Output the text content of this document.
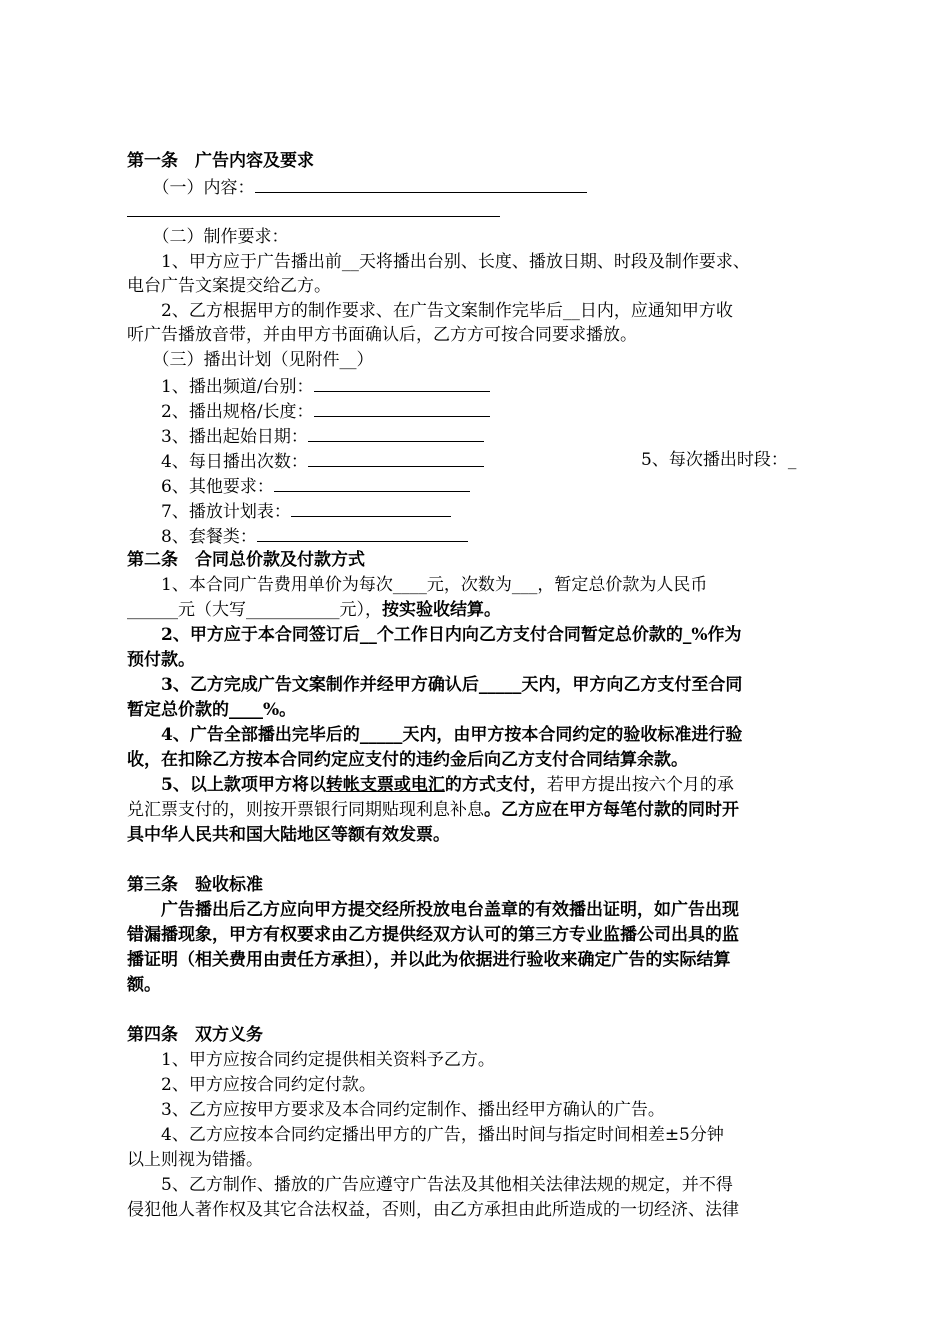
第一条　广告内容及要求
　　（一）内容：
　　（二）制作要求：
　　1、甲方应于广告播出前__天将播出台别、长度、播放日期、时段及制作要求、
电台广告文案提交给乙方。
　　2、乙方根据甲方的制作要求、在广告文案制作完毕后__日内，应通知甲方收
听广告播放音带，并由甲方书面确认后，乙方方可按合同要求播放。
　　（三）播出计划（见附件__）
　　1、播出频道/台别：
　　2、播出规格/长度：
　　3、播出起始日期：
　　4、每日播出次数：	5、每次播出时段：_
　　6、其他要求：
　　7、播放计划表：
　　8、套餐类：
第二条　合同总价款及付款方式
　　1、本合同广告费用单价为每次____元，次数为___，暂定总价款为人民币
______元（大写___________元），按实验收结算。
　　2、甲方应于本合同签订后__个工作日内向乙方支付合同暂定总价款的_%作为
预付款。
　　3、乙方完成广告文案制作并经甲方确认后_____天内，甲方向乙方支付至合同
暂定总价款的____%。
　　4、广告全部播出完毕后的_____天内，由甲方按本合同约定的验收标准进行验
收，在扣除乙方按本合同约定应支付的违约金后向乙方支付合同结算余款。
　　5、以上款项甲方将以转帐支票或电汇的方式支付，若甲方提出按六个月的承
兑汇票支付的，则按开票银行同期贴现利息补息。乙方应在甲方每笔付款的同时开
具中华人民共和国大陆地区等额有效发票。
第三条　验收标准
　　广告播出后乙方应向甲方提交经所投放电台盖章的有效播出证明，如广告出现
错漏播现象，甲方有权要求由乙方提供经双方认可的第三方专业监播公司出具的监
播证明（相关费用由责任方承担），并以此为依据进行验收来确定广告的实际结算
额。
第四条　双方义务
　　1、甲方应按合同约定提供相关资料予乙方。
　　2、甲方应按合同约定付款。
　　3、乙方应按甲方要求及本合同约定制作、播出经甲方确认的广告。
　　4、乙方应按本合同约定播出甲方的广告，播出时间与指定时间相差±5分钟
以上则视为错播。
　　5、乙方制作、播放的广告应遵守广告法及其他相关法律法规的规定，并不得
侵犯他人著作权及其它合法权益，否则，由乙方承担由此所造成的一切经济、法律
